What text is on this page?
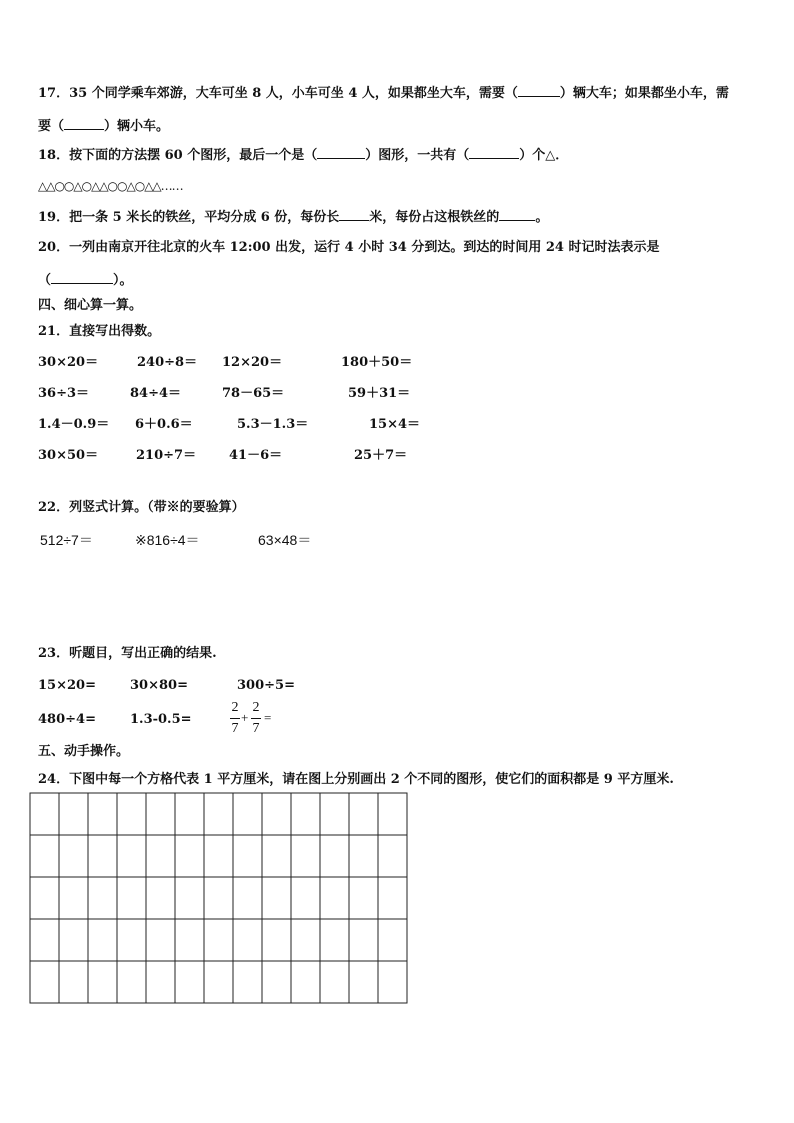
17．35 个同学乘车郊游，大车可坐 8 人，小车可坐 4 人，如果都坐大车，需要（	）辆大车；如果都坐小车，需
要（	）辆小车。
18．按下面的方法摆 60 个图形，最后一个是（	）图形，一共有（	）个△．
△△○○△○△△○○△○△△……
19．把一条 5 米长的铁丝，平均分成 6 份，每份长 米，每份占这根铁丝的	。
20．一列由南京开往北京的火车 12:00 出发，运行 4 小时 34 分到达。到达的时间用 24 时记时法表示是
（	）。
四、细心算一算。
21．直接写出得数。
30×20＝	240÷8＝ 12×20＝	180＋50＝
36÷3＝	84÷4＝	78－65＝	59＋31＝
1.4－0.9＝ 6＋0.6＝	5.3－1.3＝	15×4＝
30×50＝	210÷7＝	41－6＝	25＋7＝
22．列竖式计算。（带※的要验算）
512÷7＝	※816÷4＝	63×48＝
23．听题目，写出正确的结果.
15×20=	30×80=	300÷5=
480÷4=	1.3-0.5=
2
7
+
2
7
=
五、动手操作。
24．下图中每一个方格代表 1 平方厘米，请在图上分别画出 2 个不同的图形，使它们的面积都是 9 平方厘米.
